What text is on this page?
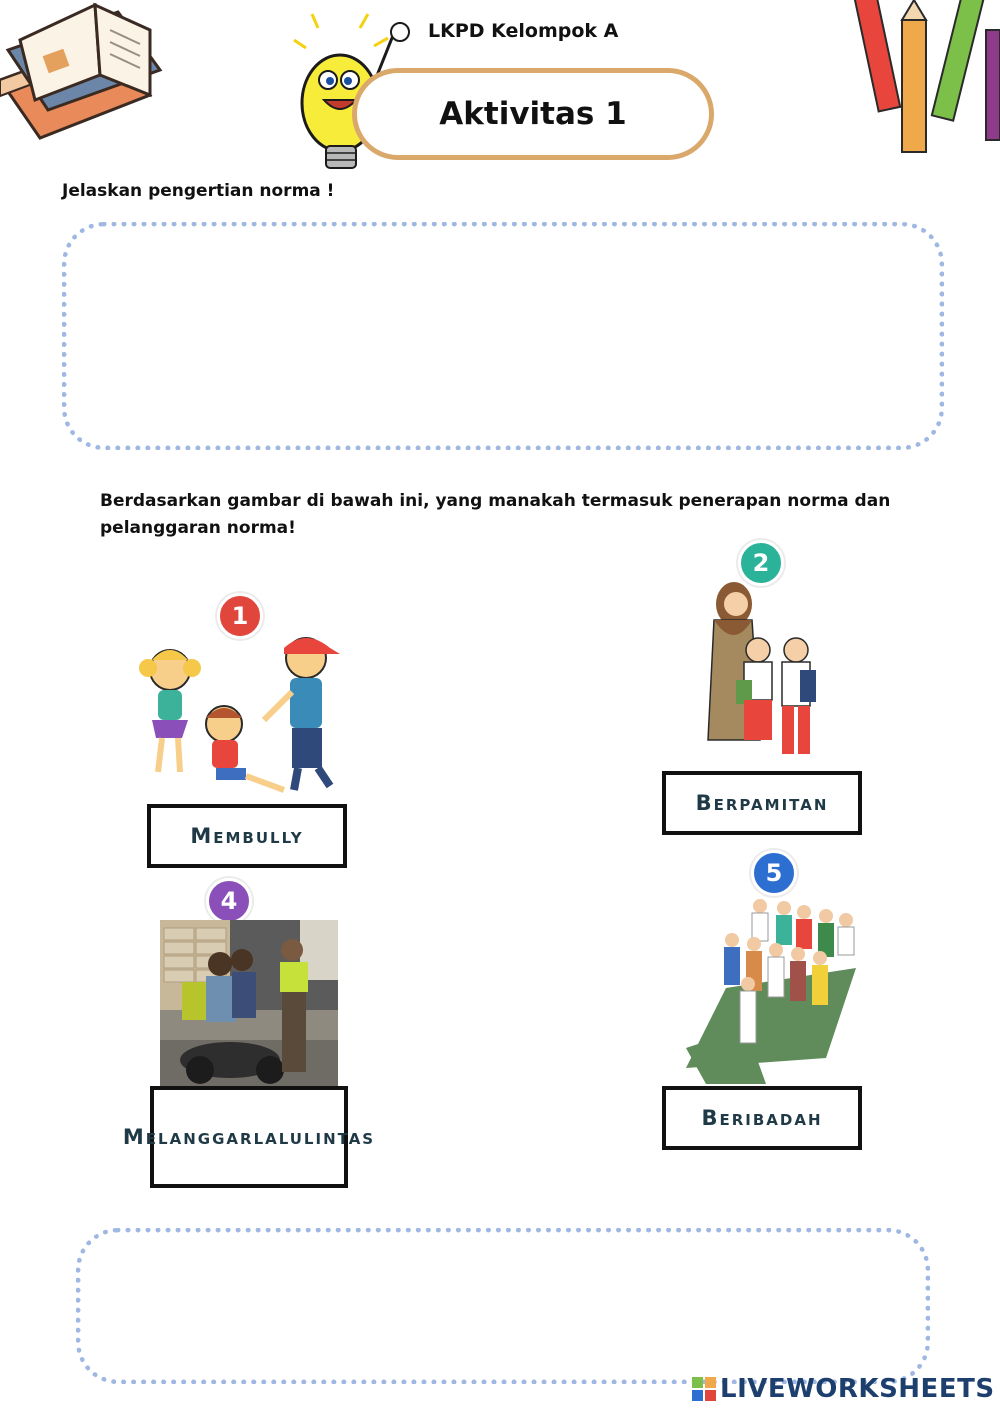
LKPD Kelompok A
Aktivitas 1
Jelaskan pengertian norma !
Berdasarkan gambar di bawah ini, yang manakah termasuk penerapan norma dan pelanggaran norma!
1
Membully
2
Berpamitan
4
Melanggar lalulintas
5
Beribadah
LIVEWORKSHEETS
